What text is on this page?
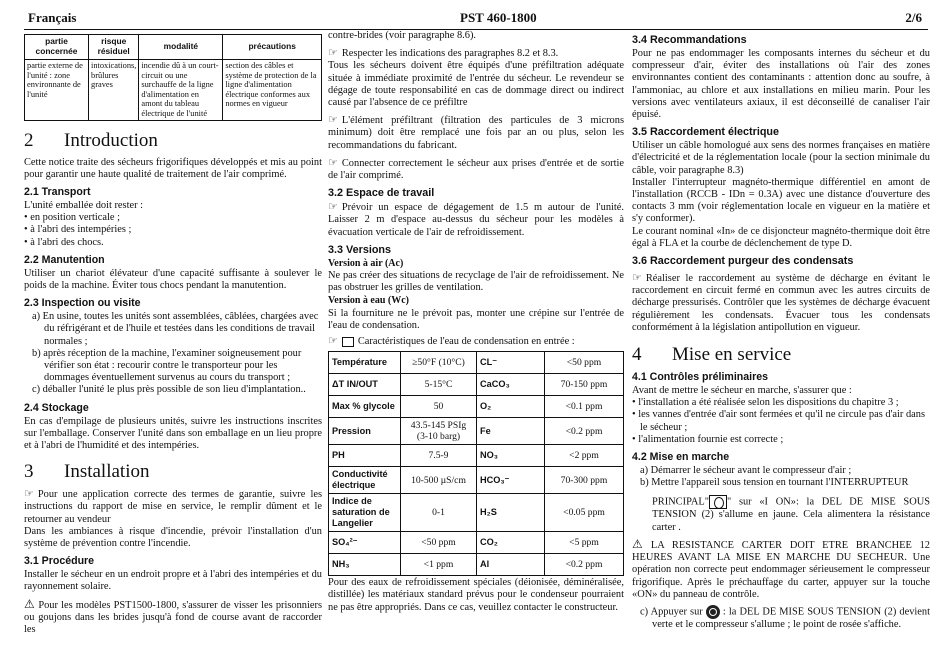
Français	PST 460-1800	2/6
partie concernée	risque résiduel	modalité	précautions
partie externe de l'unité : zone environnante de l'unité	intoxications, brûlures graves	incendie dû à un court-circuit ou une surchauffe de la ligne d'alimentation en amont du tableau électrique de l'unité	section des câbles et système de protection de la ligne d'alimentation électrique conformes aux normes en vigueur
2 Introduction

Cette notice traite des sécheurs frigorifiques développés et mis au point pour garantir une haute qualité de traitement de l'air comprimé.

2.1 Transport

L'unité emballée doit rester :

• en position verticale ;
• à l'abri des intempéries ;
• à l'abri des chocs.
2.2 Manutention

Utiliser un chariot élévateur d'une capacité suffisante à soulever le poids de la machine. Éviter tous chocs pendant la manutention.

2.3 Inspection ou visite
a) En usine, toutes les unités sont assemblées, câblées, chargées avec du réfrigérant et de l'huile et testées dans les conditions de travail normales ;
b) après réception de la machine, l'examiner soigneusement pour vérifier son état : recourir contre le transporteur pour les dommages éventuellement survenus au cours du transport ;
c) déballer l'unité le plus près possible de son lieu d'implantation..
2.4 Stockage

En cas d'empilage de plusieurs unités, suivre les instructions inscrites sur l'emballage. Conserver l'unité dans son emballage en un lieu propre et à l'abri de l'humidité et des intempéries.

3 Installation

☞ Pour une application correcte des termes de garantie, suivre les instructions du rapport de mise en service, le remplir dûment et le retourner au vendeur

Dans les ambiances à risque d'incendie, prévoir l'installation d'un système de prévention contre l'incendie.

3.1 Procédure

Installer le sécheur en un endroit propre et à l'abri des intempéries et du rayonnement solaire.

⚠ Pour les modèles PST1500-1800, s'assurer de visser les prisonniers ou goujons dans les brides jusqu'à fond de course avant de raccorder les

contre-brides (voir paragraphe 8.6).

☞ Respecter les indications des paragraphes 8.2 et 8.3.

Tous les sécheurs doivent être équipés d'une préfiltration adéquate située à immédiate proximité de l'entrée du sécheur. Le revendeur se dégage de toute responsabilité en cas de dommage direct ou indirect causé par l'absence de ce préfiltre

☞ L'élément préfiltrant (filtration des particules de 3 microns minimum) doit être remplacé une fois par an ou plus, selon les recommandations du fabricant.

☞ Connecter correctement le sécheur aux prises d'entrée et de sortie de l'air comprimé.

3.2 Espace de travail

☞ Prévoir un espace de dégagement de 1.5 m autour de l'unité. Laisser 2 m d'espace au-dessus du sécheur pour les modèles à évacuation verticale de l'air de refroidissement.

3.3 Versions
Version à air (Ac)

Ne pas créer des situations de recyclage de l'air de refroidissement. Ne pas obstruer les grilles de ventilation.

Version à eau (Wc)

Si la fourniture ne le prévoit pas, monter une crépine sur l'entrée de l'eau de condensation.

☞ Caractéristiques de l'eau de condensation en entrée :

Température	≥50°F (10°C)	CL⁻	<50 ppm
ΔT IN/OUT	5-15°C	CaCO₃	70-150 ppm
Max % glycole	50	O₂	<0.1 ppm
Pression	43.5-145 PSIg (3-10 barg)	Fe	<0.2 ppm
PH	7.5-9	NO₃	<2 ppm
Conductivité électrique	10-500 µS/cm	HCO₃⁻	70-300 ppm
Indice de saturation de Langelier	0-1	H₂S	<0.05 ppm
SO₄²⁻	<50 ppm	CO₂	<5 ppm
NH₃	<1 ppm	Al	<0.2 ppm

Pour des eaux de refroidissement spéciales (déionisée, déminéralisée, distillée) les matériaux standard prévus pour le condenseur pourraient ne pas être appropriés. Dans ce cas, veuillez contacter le constructeur.

3.4 Recommandations

Pour ne pas endommager les composants internes du sécheur et du compresseur d'air, éviter des installations où l'air des zones environnantes contient des contaminants : attention donc au soufre, à l'ammoniac, au chlore et aux installations en milieu marin. Pour les versions avec ventilateurs axiaux, il est déconseillé de canaliser l'air épuisé.

3.5 Raccordement électrique

Utiliser un câble homologué aux sens des normes françaises en matière d'électricité et de la réglementation locale (pour la section minimale du câble, voir paragraphe 8.3)

Installer l'interrupteur magnéto-thermique différentiel en amont de l'installation (RCCB - IDn = 0.3A) avec une distance d'ouverture des contacts 3 mm (voir réglementation locale en vigueur en la matière et s'y conformer).

Le courant nominal «In» de ce disjoncteur magnéto-thermique doit être égal à FLA et la courbe de déclenchement de type D.

3.6 Raccordement purgeur des condensats

☞ Réaliser le raccordement au système de décharge en évitant le raccordement en circuit fermé en commun avec les autres circuits de décharge pressurisés. Contrôler que les systèmes de décharge évacuent régulièrement les condensats. Évacuer tous les condensats conformément à la législation antipollution en vigueur.

4 Mise en service
4.1 Contrôles préliminaires

Avant de mettre le sécheur en marche, s'assurer que :

• l'installation a été réalisée selon les dispositions du chapitre 3 ;
• les vannes d'entrée d'air sont fermées et qu'il ne circule pas d'air dans le sécheur ;
• l'alimentation fournie est correcte ;
4.2 Mise en marche
a) Démarrer le sécheur avant le compresseur d'air ;
b) Mettre l'appareil sous tension en tournant l'INTERRUPTEUR

PRINCIPAL" " sur «I ON»: la DEL DE MISE SOUS TENSION (2) s'allume en jaune. Cela alimentera la résistance carter .

⚠ LA RESISTANCE CARTER DOIT ETRE BRANCHEE 12 HEURES AVANT LA MISE EN MARCHE DU SECHEUR. Une opération non correcte peut endommager sérieusement le compresseur frigorifique. Après le préchauffage du carter, appuyer sur la touche «ON» du panneau de contrôle.

c) Appuyer sur : la DEL DE MISE SOUS TENSION (2) devient verte et le compresseur s'allume ; le point de rosée s'affiche.
